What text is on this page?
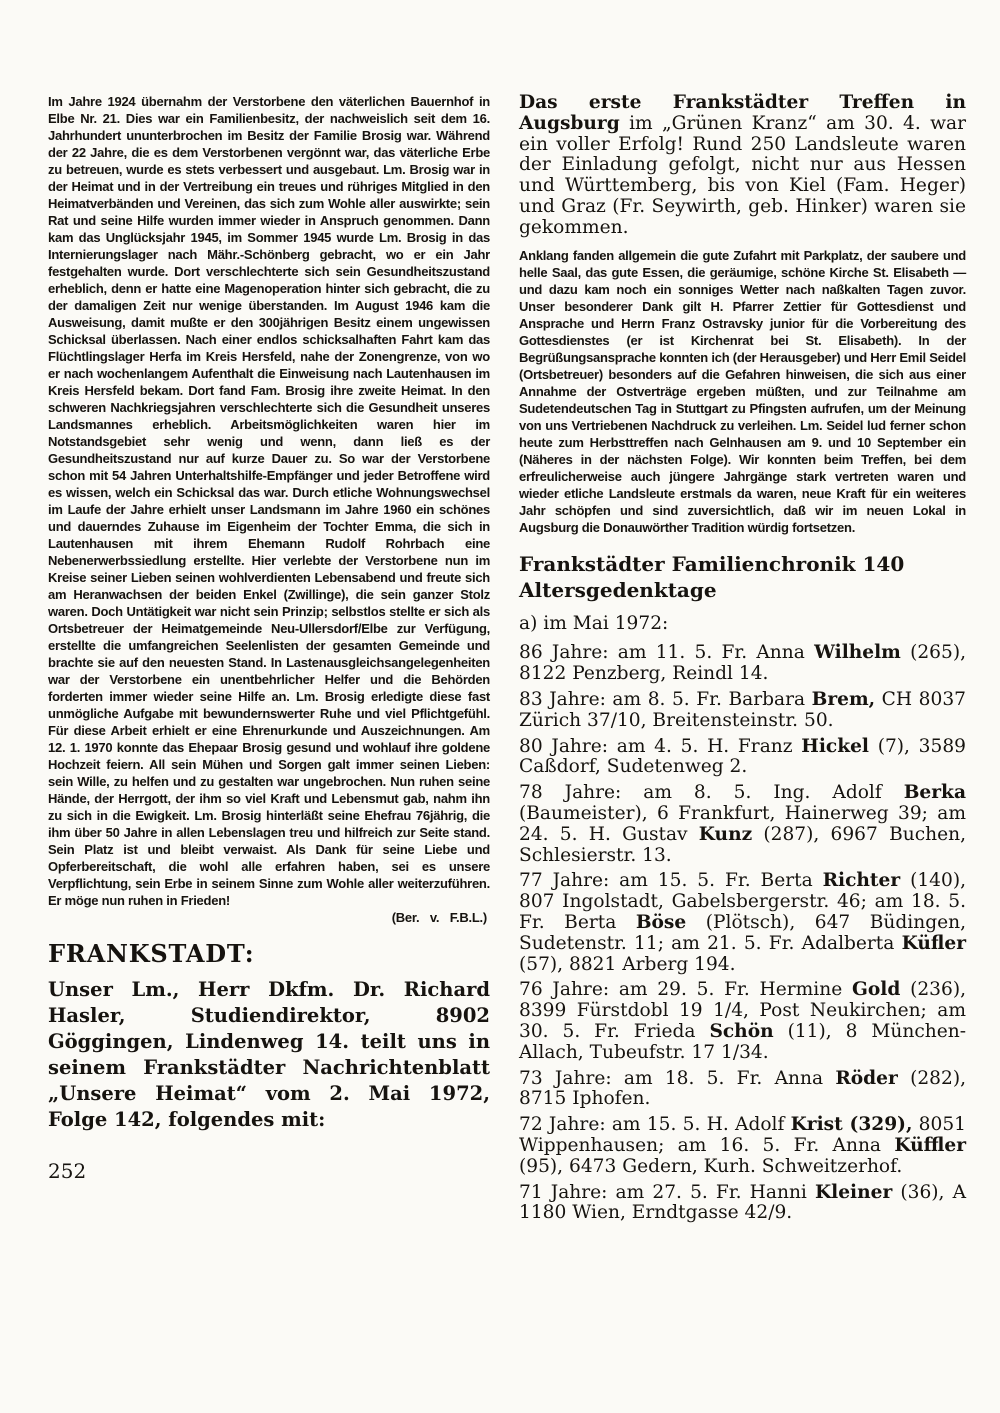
Im Jahre 1924 übernahm der Verstorbene den väterlichen Bauernhof in Elbe Nr. 21. Dies war ein Familienbesitz, der nachweislich seit dem 16. Jahrhundert ununterbrochen im Besitz der Familie Brosig war. Während der 22 Jahre, die es dem Verstorbenen vergönnt war, das väterliche Erbe zu betreuen, wurde es stets verbessert und ausgebaut. Lm. Brosig war in der Heimat und in der Vertreibung ein treues und rühriges Mitglied in den Heimatverbänden und Vereinen, das sich zum Wohle aller auswirkte; sein Rat und seine Hilfe wurden immer wieder in Anspruch genommen. Dann kam das Unglücksjahr 1945, im Sommer 1945 wurde Lm. Brosig in das Internierungslager nach Mähr.-Schönberg gebracht, wo er ein Jahr festgehalten wurde. Dort verschlechterte sich sein Gesundheitszustand erheblich, denn er hatte eine Magenoperation hinter sich gebracht, die zu der damaligen Zeit nur wenige überstanden. Im August 1946 kam die Ausweisung, damit mußte er den 300jährigen Besitz einem ungewissen Schicksal überlassen. Nach einer endlos schicksalhaften Fahrt kam das Flüchtlingslager Herfa im Kreis Hersfeld, nahe der Zonengrenze, von wo er nach wochenlangem Aufenthalt die Einweisung nach Lautenhausen im Kreis Hersfeld bekam. Dort fand Fam. Brosig ihre zweite Heimat. In den schweren Nachkriegsjahren verschlechterte sich die Gesundheit unseres Landsmannes erheblich. Arbeitsmöglichkeiten waren hier im Notstandsgebiet sehr wenig und wenn, dann ließ es der Gesundheitszustand nur auf kurze Dauer zu. So war der Verstorbene schon mit 54 Jahren Unterhaltshilfe-Empfänger und jeder Betroffene wird es wissen, welch ein Schicksal das war. Durch etliche Wohnungswechsel im Laufe der Jahre erhielt unser Landsmann im Jahre 1960 ein schönes und dauerndes Zuhause im Eigenheim der Tochter Emma, die sich in Lautenhausen mit ihrem Ehemann Rudolf Rohrbach eine Nebenerwerbssiedlung erstellte. Hier verlebte der Verstorbene nun im Kreise seiner Lieben seinen wohlverdienten Lebensabend und freute sich am Heranwachsen der beiden Enkel (Zwillinge), die sein ganzer Stolz waren. Doch Untätigkeit war nicht sein Prinzip; selbstlos stellte er sich als Ortsbetreuer der Heimatgemeinde Neu-Ullersdorf/Elbe zur Verfügung, erstellte die umfangreichen Seelenlisten der gesamten Gemeinde und brachte sie auf den neuesten Stand. In Lastenausgleichsangelegenheiten war der Verstorbene ein unentbehrlicher Helfer und die Behörden forderten immer wieder seine Hilfe an. Lm. Brosig erledigte diese fast unmögliche Aufgabe mit bewundernswerter Ruhe und viel Pflichtgefühl. Für diese Arbeit erhielt er eine Ehrenurkunde und Auszeichnungen. Am 12. 1. 1970 konnte das Ehepaar Brosig gesund und wohlauf ihre goldene Hochzeit feiern. All sein Mühen und Sorgen galt immer seinen Lieben: sein Wille, zu helfen und zu gestalten war ungebrochen. Nun ruhen seine Hände, der Herrgott, der ihm so viel Kraft und Lebensmut gab, nahm ihn zu sich in die Ewigkeit. Lm. Brosig hinterläßt seine Ehefrau 76jährig, die ihm über 50 Jahre in allen Lebenslagen treu und hilfreich zur Seite stand. Sein Platz ist und bleibt verwaist. Als Dank für seine Liebe und Opferbereitschaft, die wohl alle erfahren haben, sei es unsere Verpflichtung, sein Erbe in seinem Sinne zum Wohle aller weiterzuführen. Er möge nun ruhen in Frieden!

(Ber. v. F.B.L.)

FRANKSTADT:

Unser Lm., Herr Dkfm. Dr. Richard Hasler, Studiendirektor, 8902 Göggingen, Lindenweg 14. teilt uns in seinem Frankstädter Nachrichtenblatt „Unsere Heimat“ vom 2. Mai 1972, Folge 142, folgendes mit:

252

Das erste Frankstädter Treffen in Augsburg im „Grünen Kranz“ am 30. 4. war ein voller Erfolg! Rund 250 Landsleute waren der Einladung gefolgt, nicht nur aus Hessen und Württemberg, bis von Kiel (Fam. Heger) und Graz (Fr. Seywirth, geb. Hinker) waren sie gekommen.

Anklang fanden allgemein die gute Zufahrt mit Parkplatz, der saubere und helle Saal, das gute Essen, die geräumige, schöne Kirche St. Elisabeth — und dazu kam noch ein sonniges Wetter nach naßkalten Tagen zuvor. Unser besonderer Dank gilt H. Pfarrer Zettier für Gottesdienst und Ansprache und Herrn Franz Ostravsky junior für die Vorbereitung des Gottesdienstes (er ist Kirchenrat bei St. Elisabeth). In der Begrüßungsansprache konnten ich (der Herausgeber) und Herr Emil Seidel (Ortsbetreuer) besonders auf die Gefahren hinweisen, die sich aus einer Annahme der Ostverträge ergeben müßten, und zur Teilnahme am Sudetendeutschen Tag in Stuttgart zu Pfingsten aufrufen, um der Meinung von uns Vertriebenen Nachdruck zu verleihen. Lm. Seidel lud ferner schon heute zum Herbsttreffen nach Gelnhausen am 9. und 10 September ein (Näheres in der nächsten Folge). Wir konnten beim Treffen, bei dem erfreulicherweise auch jüngere Jahrgänge stark vertreten waren und wieder etliche Landsleute erstmals da waren, neue Kraft für ein weiteres Jahr schöpfen und sind zuversichtlich, daß wir im neuen Lokal in Augsburg die Donauwörther Tradition würdig fortsetzen.

Frankstädter Familienchronik 140
Altersgedenktage

a) im Mai 1972:

86 Jahre: am 11. 5. Fr. Anna Wilhelm (265), 8122 Penzberg, Reindl 14.

83 Jahre: am 8. 5. Fr. Barbara Brem, CH 8037 Zürich 37/10, Breitensteinstr. 50.

80 Jahre: am 4. 5. H. Franz Hickel (7), 3589 Caßdorf, Sudetenweg 2.

78 Jahre: am 8. 5. Ing. Adolf Berka (Baumeister), 6 Frankfurt, Hainerweg 39; am 24. 5. H. Gustav Kunz (287), 6967 Buchen, Schlesierstr. 13.

77 Jahre: am 15. 5. Fr. Berta Richter (140), 807 Ingolstadt, Gabelsbergerstr. 46; am 18. 5. Fr. Berta Böse (Plötsch), 647 Büdingen, Sudetenstr. 11; am 21. 5. Fr. Adalberta Küfler (57), 8821 Arberg 194.

76 Jahre: am 29. 5. Fr. Hermine Gold (236), 8399 Fürstdobl 19 1/4, Post Neukirchen; am 30. 5. Fr. Frieda Schön (11), 8 München-Allach, Tubeufstr. 17 1/34.

73 Jahre: am 18. 5. Fr. Anna Röder (282), 8715 Iphofen.

72 Jahre: am 15. 5. H. Adolf Krist (329), 8051 Wippenhausen; am 16. 5. Fr. Anna Küffler (95), 6473 Gedern, Kurh. Schweitzerhof.

71 Jahre: am 27. 5. Fr. Hanni Kleiner (36), A 1180 Wien, Erndtgasse 42/9.
